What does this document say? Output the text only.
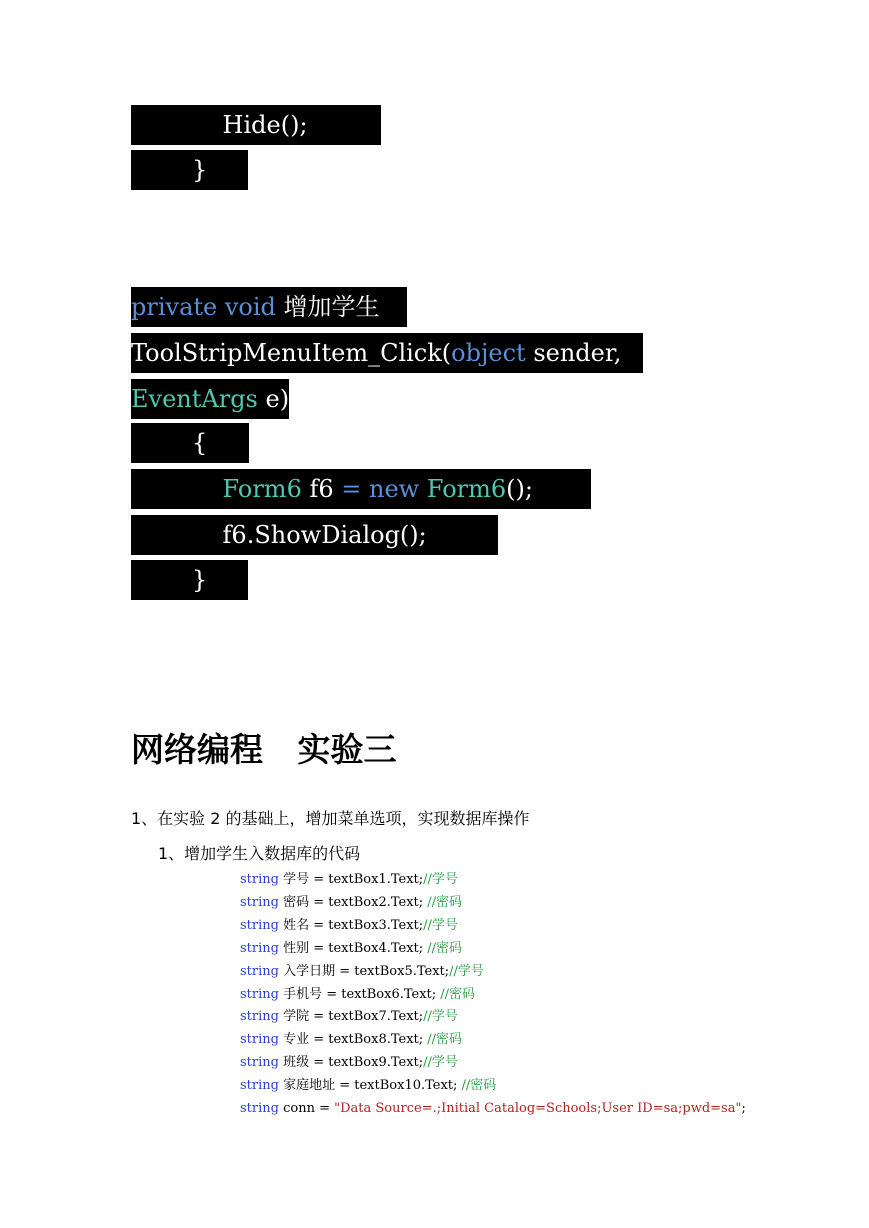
Hide();
}
private void 增加学生
ToolStripMenuItem_Click(object sender,
EventArgs e)
{
Form6 f6 = new Form6();
f6.ShowDialog();
}
网络编程   实验三
1、在实验 2 的基础上，增加菜单选项，实现数据库操作
1、增加学生入数据库的代码
string 学号 = textBox1.Text;//学号
string 密码 = textBox2.Text; //密码
string 姓名 = textBox3.Text;//学号
string 性别 = textBox4.Text; //密码
string 入学日期 = textBox5.Text;//学号
string 手机号 = textBox6.Text; //密码
string 学院 = textBox7.Text;//学号
string 专业 = textBox8.Text; //密码
string 班级 = textBox9.Text;//学号
string 家庭地址 = textBox10.Text; //密码
string conn = "Data Source=.;Initial Catalog=Schools;User ID=sa;pwd=sa";
